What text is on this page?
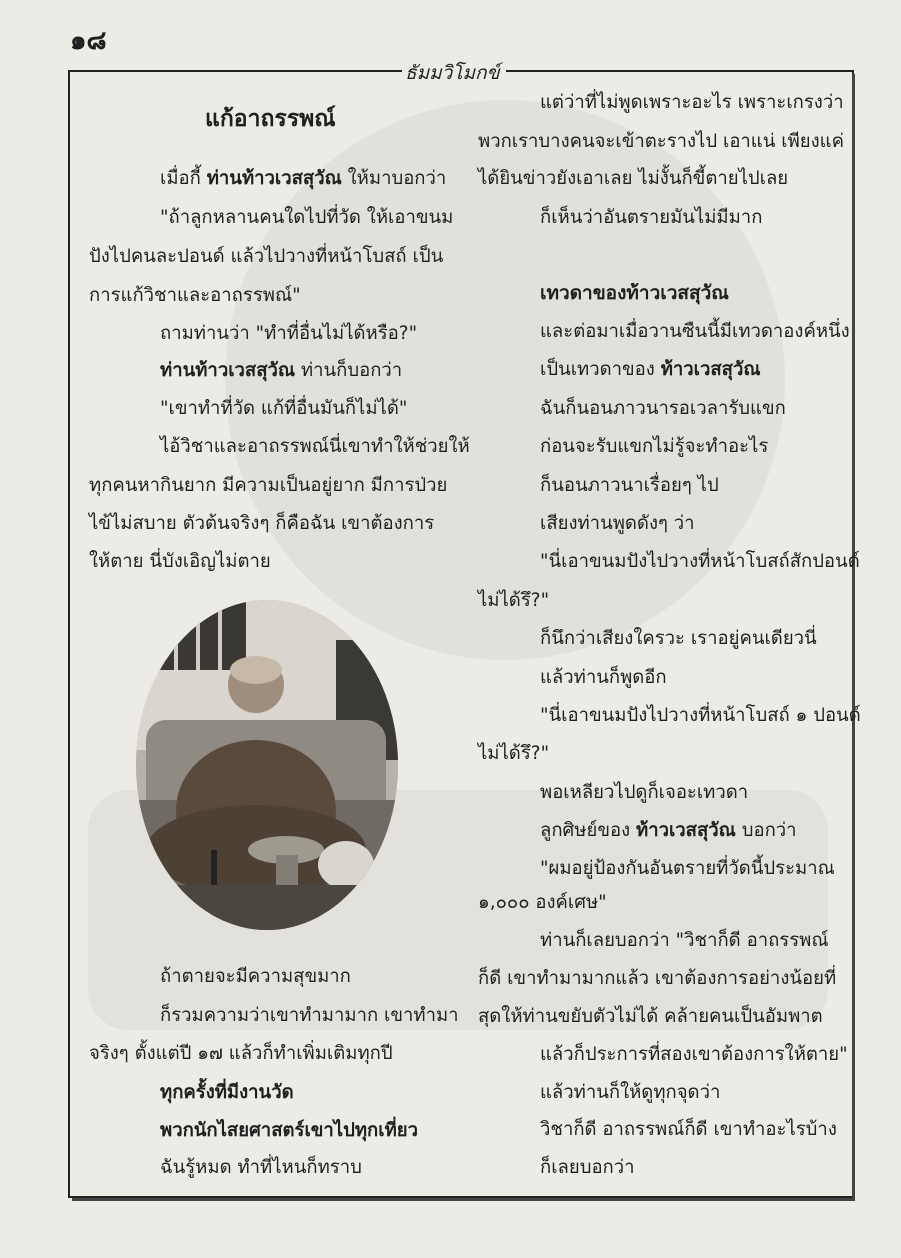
๑๘
ธัมมวิโมกข์
แก้อาถรรพณ์
เมื่อกี้ ท่านท้าวเวสสุวัณ ให้มาบอกว่า
"ถ้าลูกหลานคนใดไปที่วัด ให้เอาขนม
ปังไปคนละปอนด์ แล้วไปวางที่หน้าโบสถ์ เป็น
การแก้วิชาและอาถรรพณ์"
ถามท่านว่า "ทำที่อื่นไม่ได้หรือ?"
ท่านท้าวเวสสุวัณ ท่านก็บอกว่า
"เขาทำที่วัด แก้ที่อื่นมันก็ไม่ได้"
ไอ้วิชาและอาถรรพณ์นี่เขาทำให้ช่วยให้
ทุกคนหากินยาก มีความเป็นอยู่ยาก มีการป่วย
ไข้ไม่สบาย ตัวต้นจริงๆ ก็คือฉัน เขาต้องการ
ให้ตาย นี่บังเอิญไม่ตาย
ถ้าตายจะมีความสุขมาก
ก็รวมความว่าเขาทำมามาก เขาทำมา
จริงๆ ตั้งแต่ปี ๑๗ แล้วก็ทำเพิ่มเติมทุกปี
ทุกครั้งที่มีงานวัด
พวกนักไสยศาสตร์เขาไปทุกเที่ยว
ฉันรู้หมด ทำที่ไหนก็ทราบ
แต่ว่าที่ไม่พูดเพราะอะไร เพราะเกรงว่า
พวกเราบางคนจะเข้าตะรางไป เอาแน่ เพียงแค่
ได้ยินข่าวยังเอาเลย ไม่งั้นก็ขี้ตายไปเลย
ก็เห็นว่าอันตรายมันไม่มีมาก
เทวดาของท้าวเวสสุวัณ
และต่อมาเมื่อวานซืนนี้มีเทวดาองค์หนึ่ง
เป็นเทวดาของ ท้าวเวสสุวัณ
ฉันก็นอนภาวนารอเวลารับแขก
ก่อนจะรับแขกไม่รู้จะทำอะไร
ก็นอนภาวนาเรื่อยๆ ไป
เสียงท่านพูดดังๆ ว่า
"นี่เอาขนมปังไปวางที่หน้าโบสถ์สักปอนด์
ไม่ได้รึ?"
ก็นึกว่าเสียงใครวะ เราอยู่คนเดียวนี่
แล้วท่านก็พูดอีก
"นี่เอาขนมปังไปวางที่หน้าโบสถ์ ๑ ปอนด์
ไม่ได้รึ?"
พอเหลียวไปดูก็เจอะเทวดา
ลูกศิษย์ของ ท้าวเวสสุวัณ บอกว่า
"ผมอยู่ป้องกันอันตรายที่วัดนี้ประมาณ
๑,๐๐๐ องค์เศษ"
ท่านก็เลยบอกว่า "วิชาก็ดี อาถรรพณ์
ก็ดี เขาทำมามากแล้ว เขาต้องการอย่างน้อยที่
สุดให้ท่านขยับตัวไม่ได้ คล้ายคนเป็นอัมพาต
แล้วก็ประการที่สองเขาต้องการให้ตาย"
แล้วท่านก็ให้ดูทุกจุดว่า
วิชาก็ดี อาถรรพณ์ก็ดี เขาทำอะไรบ้าง
ก็เลยบอกว่า
